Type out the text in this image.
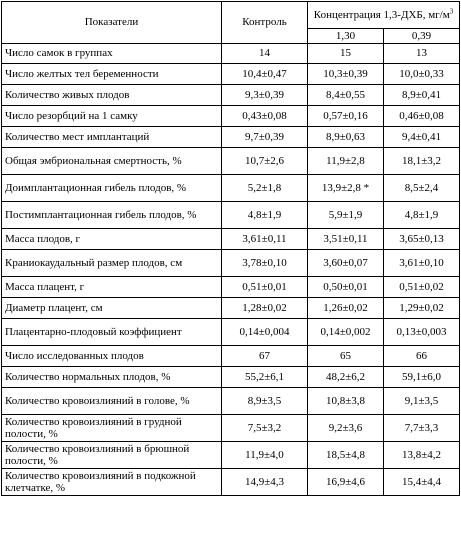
Показатели	Контроль	Концентрация 1,3-ДХБ, $мг/м^3$
		1,30	0,39
Число самок в группах	14	15	13
Число желтых тел беременности	10,4±0,47	10,3±0,39	10,0±0,33
Количество живых плодов	9,3±0,39	8,4±0,55	8,9±0,41
Число резорбций на 1 самку	0,43±0,08	0,57±0,16	0,46±0,08
Количество мест имплантаций	9,7±0,39	8,9±0,63	9,4±0,41
Общая эмбриональная смертность, %	10,7±2,6	11,9±2,8	18,1±3,2
Доимплантационная гибель плодов, %	5,2±1,8	13,9±2,8 *	8,5±2,4
Постимплантационная гибель плодов, %	4,8±1,9	5,9±1,9	4,8±1,9
Масса плодов, г	3,61±0,11	3,51±0,11	3,65±0,13
Краниокаудальный размер плодов, см	3,78±0,10	3,60±0,07	3,61±0,10
Масса плацент, г	0,51±0,01	0,50±0,01	0,51±0,02
Диаметр плацент, см	1,28±0,02	1,26±0,02	1,29±0,02
Плацентарно-плодовый коэффициент	0,14±0,004	0,14±0,002	0,13±0,003
Число исследованных плодов	67	65	66
Количество нормальных плодов, %	55,2±6,1	48,2±6,2	59,1±6,0
Количество кровоизлияний в голове, %	8,9±3,5	10,8±3,8	9,1±3,5
Количество кровоизлияний в грудной полости, %	7,5±3,2	9,2±3,6	7,7±3,3
Количество кровоизлияний в брюшной полости, %	11,9±4,0	18,5±4,8	13,8±4,2
Количество кровоизлияний в подкожной клетчатке, %	14,9±4,3	16,9±4,6	15,4±4,4
